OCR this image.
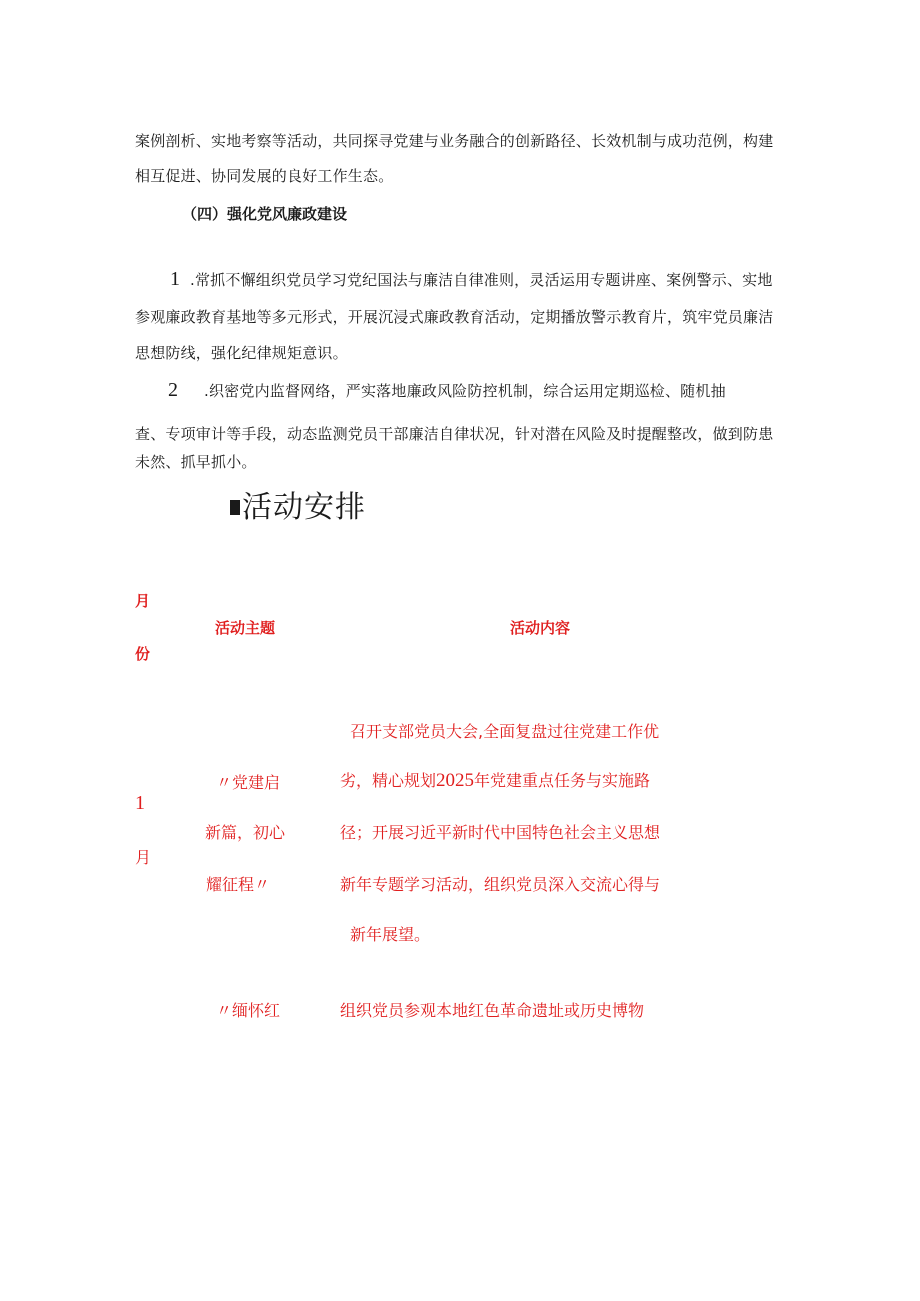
案例剖析、实地考察等活动，共同探寻党建与业务融合的创新路径、长效机制与成功范例，构建
相互促进、协同发展的良好工作生态。
（四）强化党风廉政建设
1 .常抓不懈组织党员学习党纪国法与廉洁自律准则，灵活运用专题讲座、案例警示、实地
参观廉政教育基地等多元形式，开展沉浸式廉政教育活动，定期播放警示教育片，筑牢党员廉洁
思想防线，强化纪律规矩意识。
2 .织密党内监督网络，严实落地廉政风险防控机制，综合运用定期巡检、随机抽
查、专项审计等手段，动态监测党员干部廉洁自律状况，针对潜在风险及时提醒整改，做到防患
未然、抓早抓小。
活动安排
月
份
活动主题	活动内容
1
月
〃党建启
新篇，初心
耀征程〃
召开支部党员大会,全面复盘过往党建工作优
劣，精心规划2025年党建重点任务与实施路
径；开展习近平新时代中国特色社会主义思想
新年专题学习活动，组织党员深入交流心得与
新年展望。
〃缅怀红	组织党员参观本地红色革命遗址或历史博物
